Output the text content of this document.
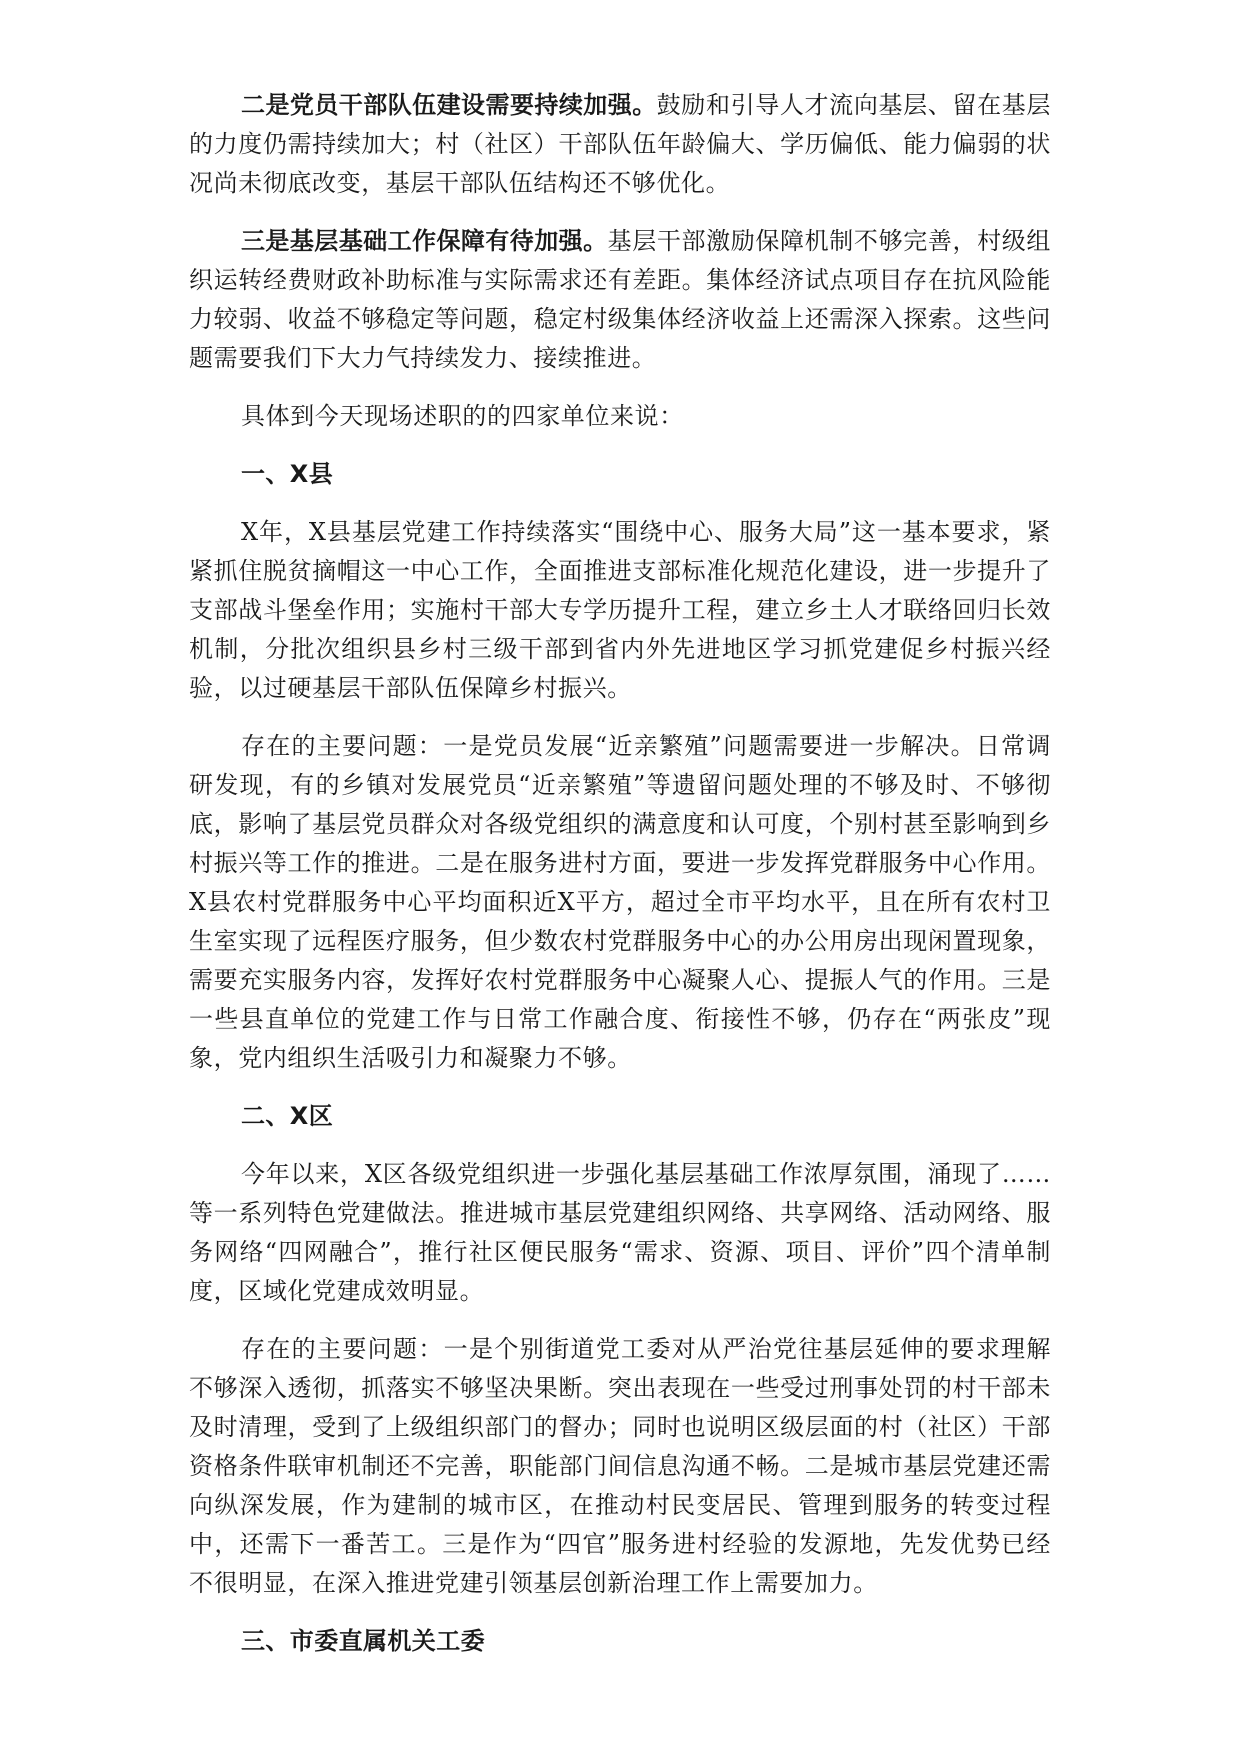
二是党员干部队伍建设需要持续加强。鼓励和引导人才流向基层、留在基层的力度仍需持续加大；村（社区）干部队伍年龄偏大、学历偏低、能力偏弱的状况尚未彻底改变，基层干部队伍结构还不够优化。

三是基层基础工作保障有待加强。基层干部激励保障机制不够完善，村级组织运转经费财政补助标准与实际需求还有差距。集体经济试点项目存在抗风险能力较弱、收益不够稳定等问题，稳定村级集体经济收益上还需深入探索。这些问题需要我们下大力气持续发力、接续推进。

具体到今天现场述职的的四家单位来说：

一、X县

X年，X县基层党建工作持续落实“围绕中心、服务大局”这一基本要求，紧紧抓住脱贫摘帽这一中心工作，全面推进支部标准化规范化建设，进一步提升了支部战斗堡垒作用；实施村干部大专学历提升工程，建立乡土人才联络回归长效机制，分批次组织县乡村三级干部到省内外先进地区学习抓党建促乡村振兴经验，以过硬基层干部队伍保障乡村振兴。

存在的主要问题：一是党员发展“近亲繁殖”问题需要进一步解决。日常调研发现，有的乡镇对发展党员“近亲繁殖”等遗留问题处理的不够及时、不够彻底，影响了基层党员群众对各级党组织的满意度和认可度，个别村甚至影响到乡村振兴等工作的推进。二是在服务进村方面，要进一步发挥党群服务中心作用。X县农村党群服务中心平均面积近X平方，超过全市平均水平，且在所有农村卫生室实现了远程医疗服务，但少数农村党群服务中心的办公用房出现闲置现象，需要充实服务内容，发挥好农村党群服务中心凝聚人心、提振人气的作用。三是一些县直单位的党建工作与日常工作融合度、衔接性不够，仍存在“两张皮”现象，党内组织生活吸引力和凝聚力不够。

二、X区

今年以来，X区各级党组织进一步强化基层基础工作浓厚氛围，涌现了……等一系列特色党建做法。推进城市基层党建组织网络、共享网络、活动网络、服务网络“四网融合”，推行社区便民服务“需求、资源、项目、评价”四个清单制度，区域化党建成效明显。

存在的主要问题：一是个别街道党工委对从严治党往基层延伸的要求理解不够深入透彻，抓落实不够坚决果断。突出表现在一些受过刑事处罚的村干部未及时清理，受到了上级组织部门的督办；同时也说明区级层面的村（社区）干部资格条件联审机制还不完善，职能部门间信息沟通不畅。二是城市基层党建还需向纵深发展，作为建制的城市区，在推动村民变居民、管理到服务的转变过程中，还需下一番苦工。三是作为“四官”服务进村经验的发源地，先发优势已经不很明显，在深入推进党建引领基层创新治理工作上需要加力。

三、市委直属机关工委
